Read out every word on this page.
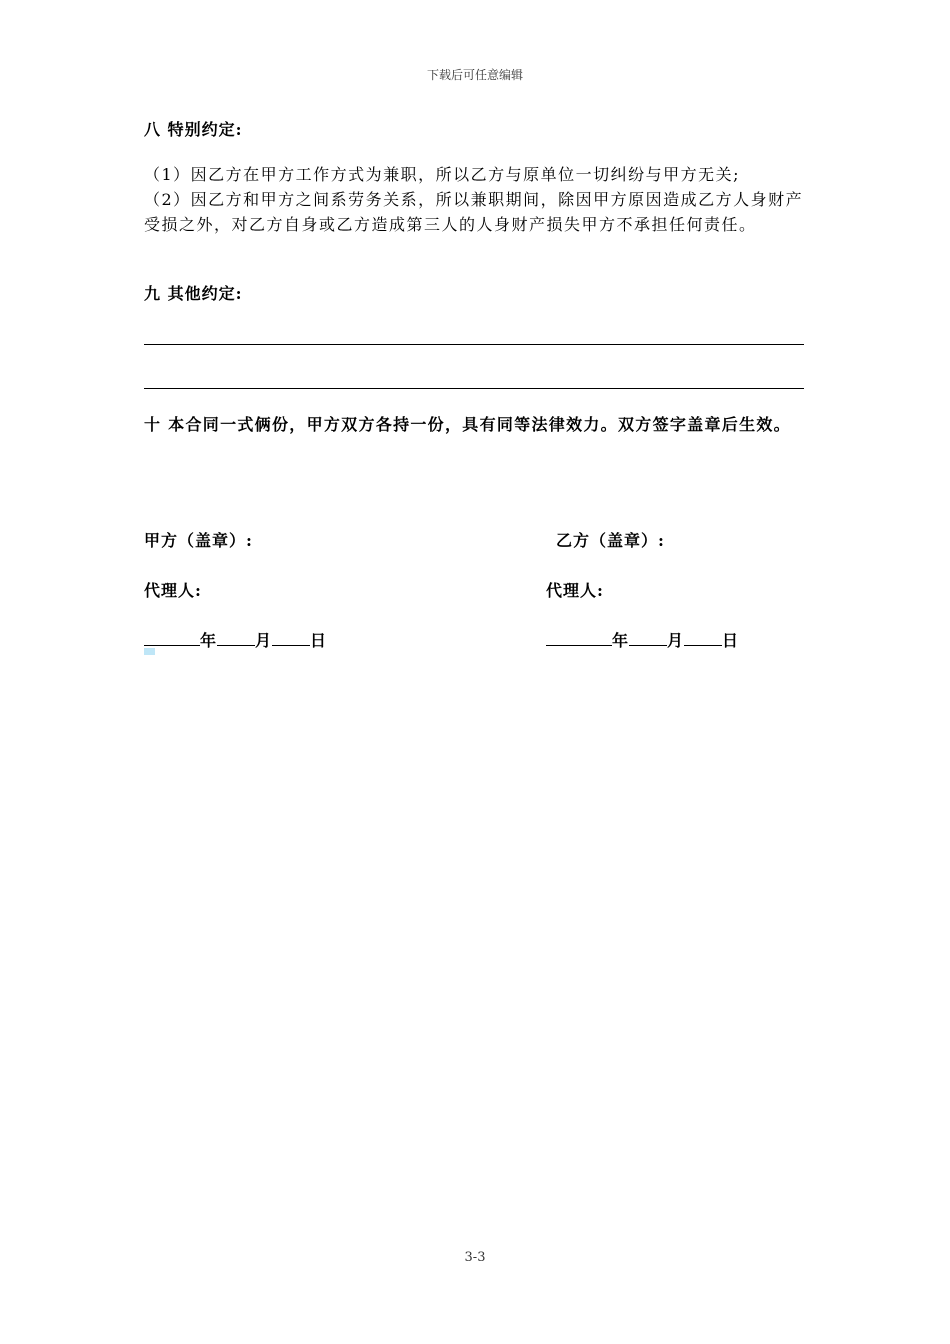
下载后可任意编辑
八 特别约定:
（1）因乙方在甲方工作方式为兼职，所以乙方与原单位一切纠纷与甲方无关;
（2）因乙方和甲方之间系劳务关系，所以兼职期间，除因甲方原因造成乙方人身财产受损之外，对乙方自身或乙方造成第三人的人身财产损失甲方不承担任何责任。
九 其他约定:
十 本合同一式俩份，甲方双方各持一份，具有同等法律效力。双方签字盖章后生效。
甲方（盖章）:	乙方（盖章）:
代理人:	代理人:
年 月 日	年 月 日
3-3
